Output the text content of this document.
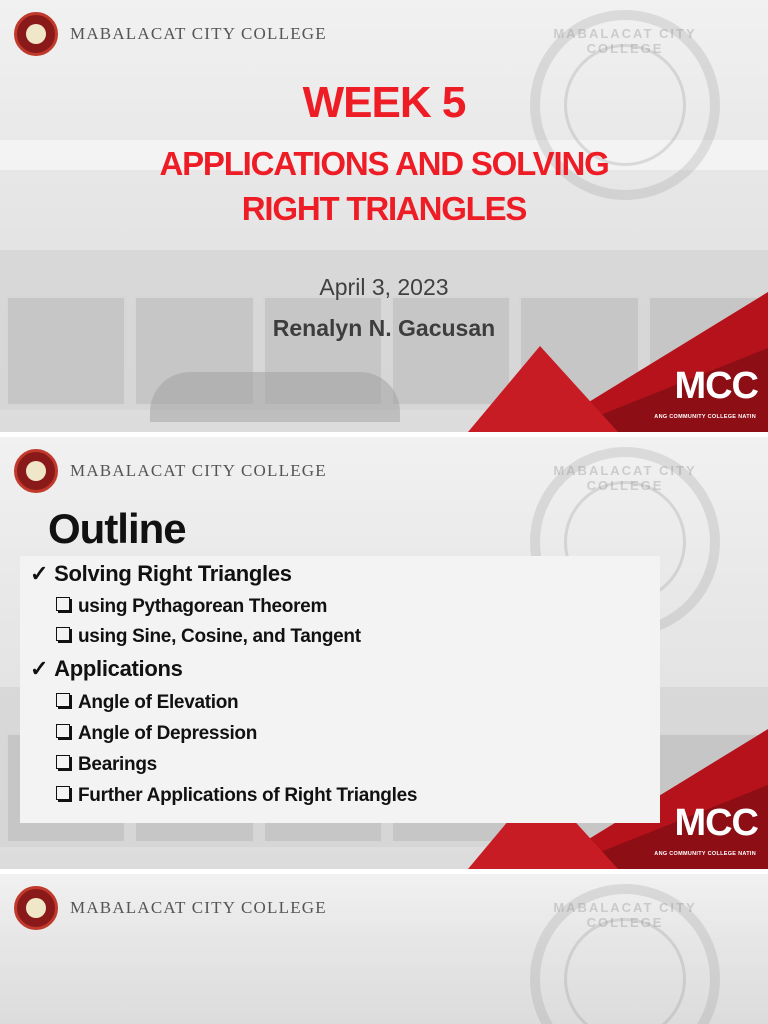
MABALACAT CITY COLLEGE
MABALACAT CITY COLLEGE
WEEK 5
APPLICATIONS AND SOLVING
RIGHT TRIANGLES
April 3, 2023
Renalyn N. Gacusan
MCC
ANG COMMUNITY COLLEGE NATIN
MABALACAT CITY COLLEGE
MABALACAT CITY COLLEGE
MCC
ANG COMMUNITY COLLEGE NATIN
Outline
✓ Solving Right Triangles
using Pythagorean Theorem
using Sine, Cosine, and Tangent
✓ Applications
Angle of Elevation
Angle of Depression
Bearings
Further Applications of Right Triangles
MABALACAT CITY COLLEGE
MABALACAT CITY COLLEGE
